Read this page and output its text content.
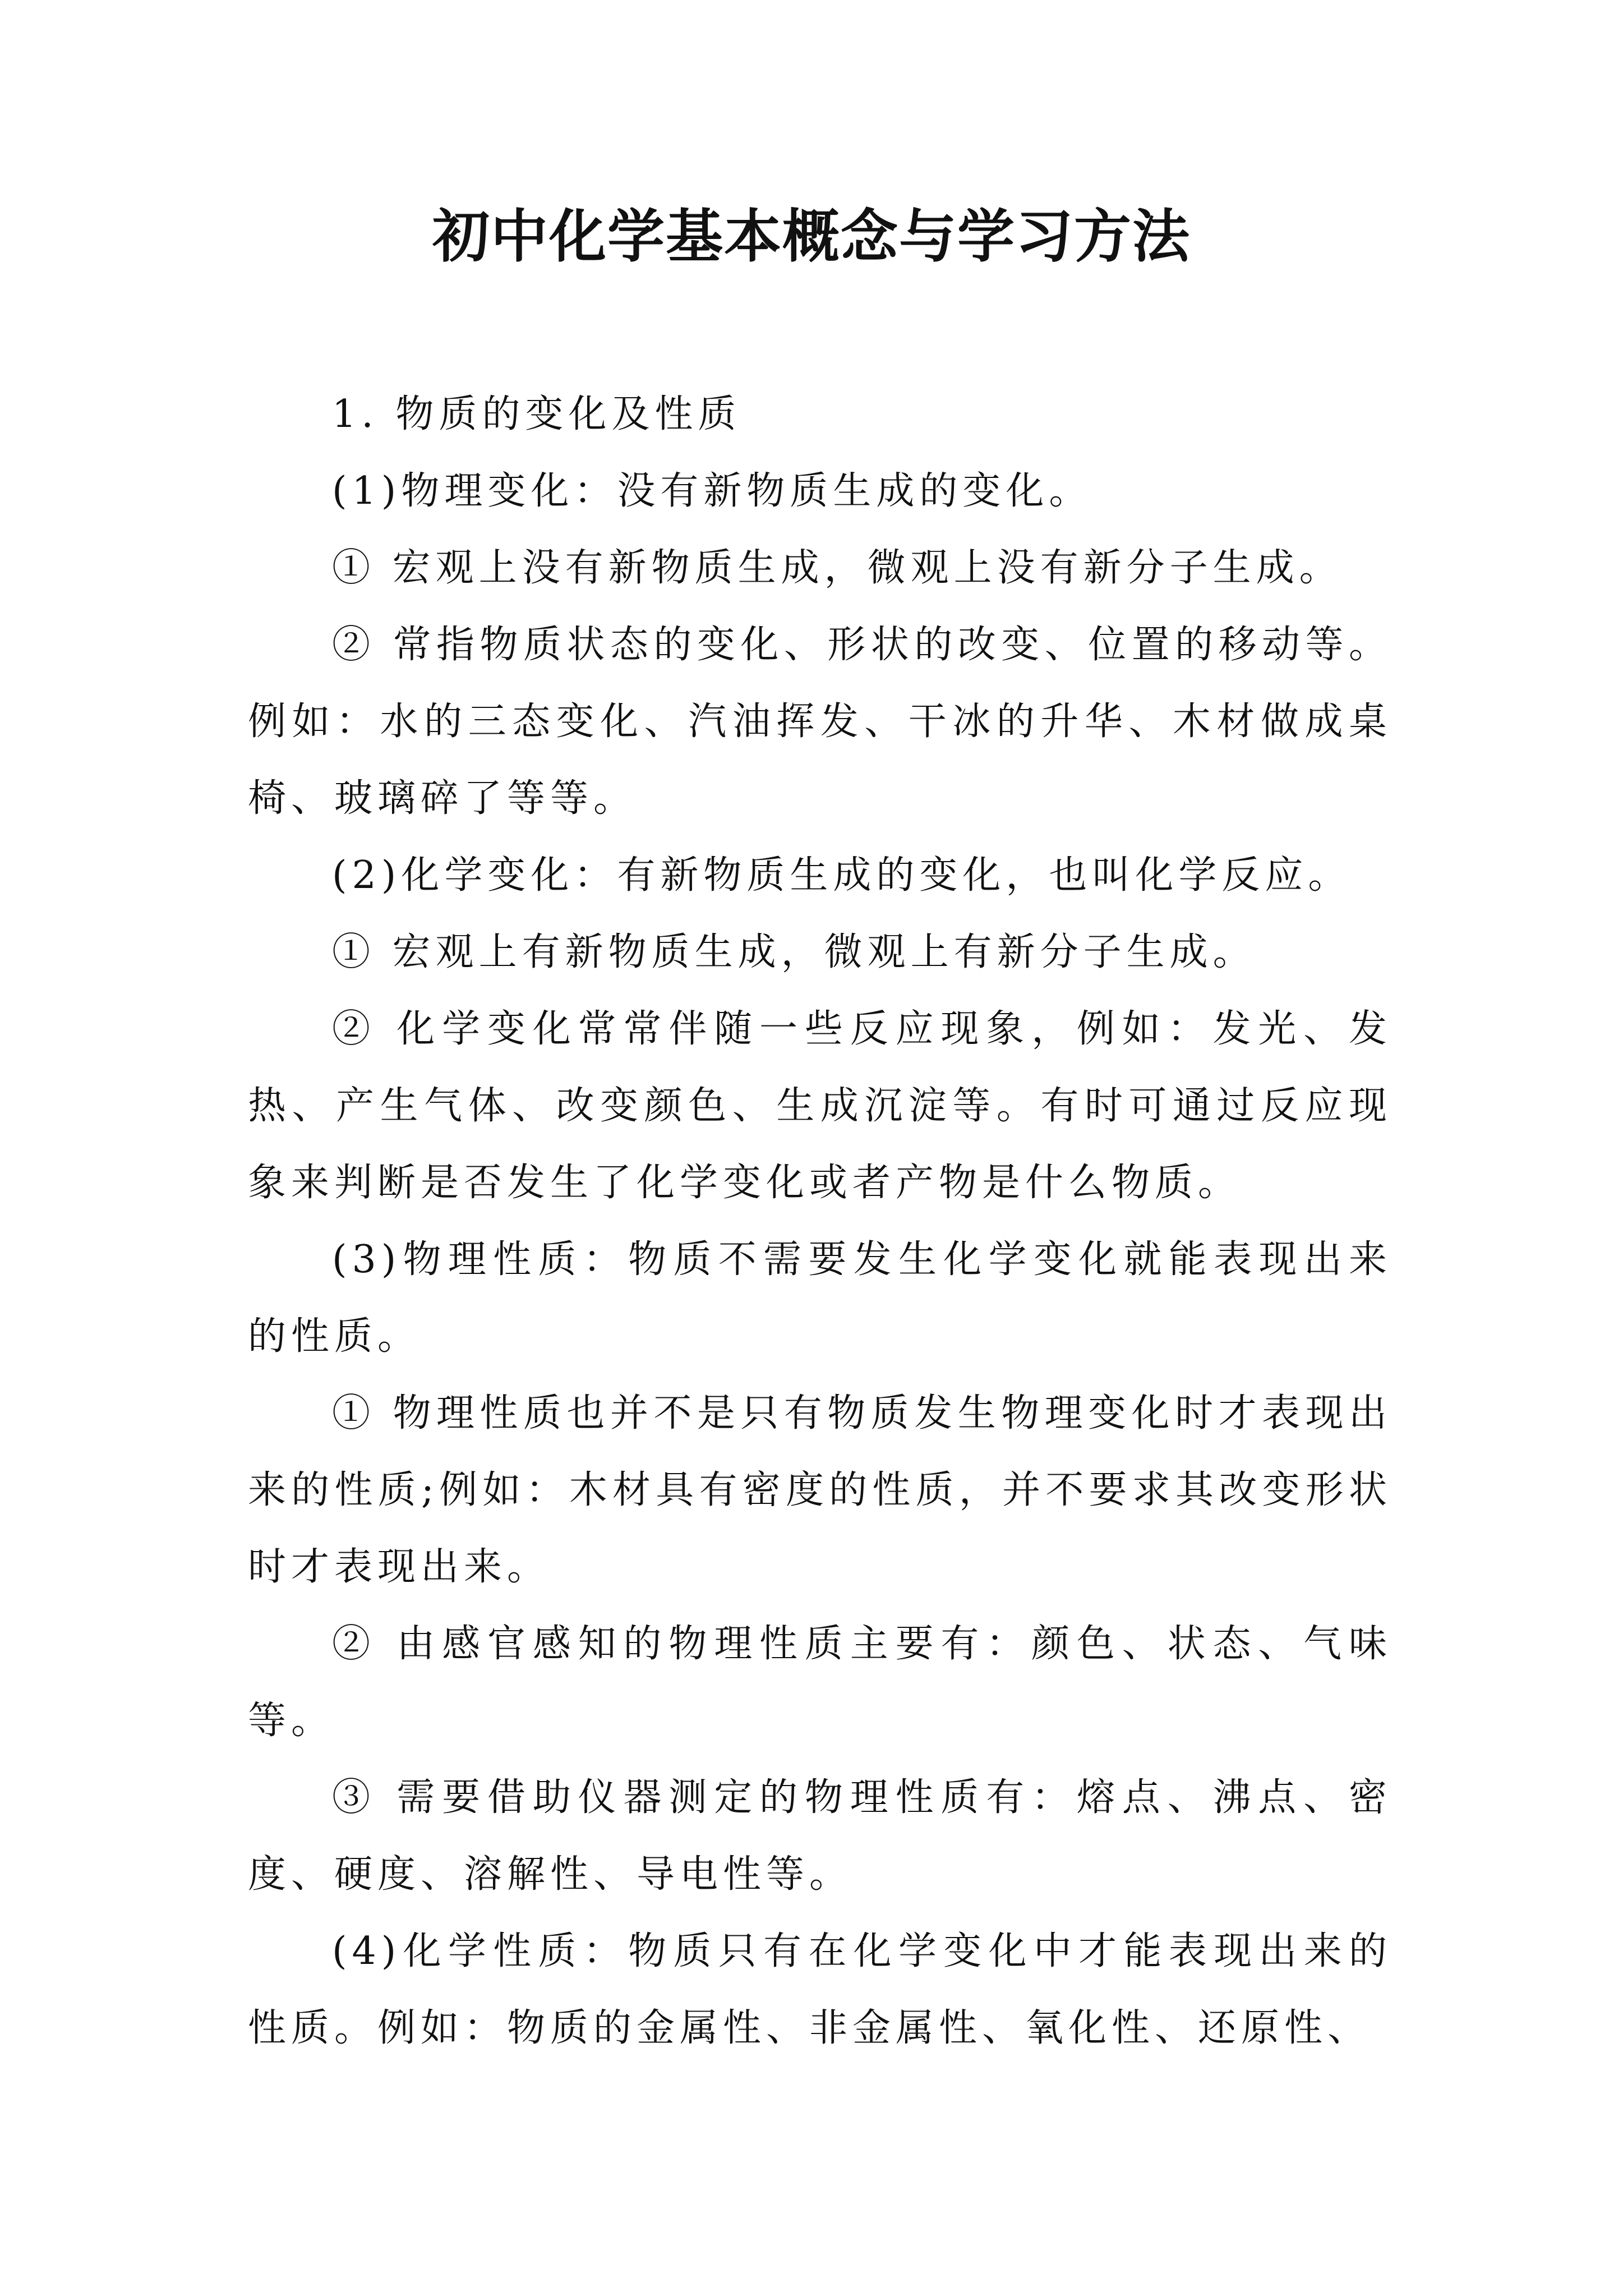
初中化学基本概念与学习方法

1. 物质的变化及性质

(1)物理变化：没有新物质生成的变化。

① 宏观上没有新物质生成，微观上没有新分子生成。

② 常指物质状态的变化、形状的改变、位置的移动等。例如：水的三态变化、汽油挥发、干冰的升华、木材做成桌椅、玻璃碎了等等。

(2)化学变化：有新物质生成的变化，也叫化学反应。

① 宏观上有新物质生成，微观上有新分子生成。

② 化学变化常常伴随一些反应现象，例如：发光、发热、产生气体、改变颜色、生成沉淀等。有时可通过反应现象来判断是否发生了化学变化或者产物是什么物质。

(3)物理性质：物质不需要发生化学变化就能表现出来的性质。

① 物理性质也并不是只有物质发生物理变化时才表现出来的性质;例如：木材具有密度的性质，并不要求其改变形状时才表现出来。

② 由感官感知的物理性质主要有：颜色、状态、气味等。

③ 需要借助仪器测定的物理性质有：熔点、沸点、密度、硬度、溶解性、导电性等。

(4)化学性质：物质只有在化学变化中才能表现出来的性质。例如：物质的金属性、非金属性、氧化性、还原性、
